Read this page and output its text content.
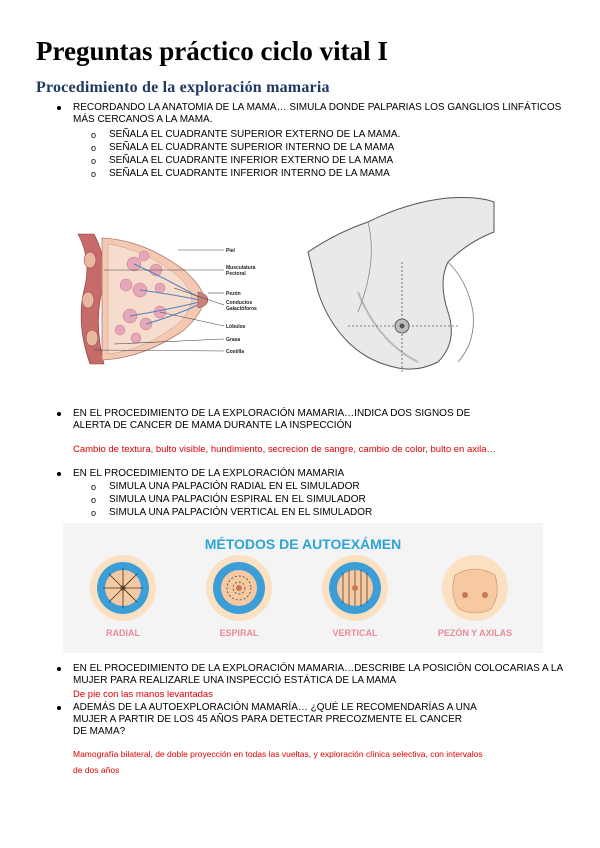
Preguntas práctico ciclo vital I
Procedimiento de la exploración mamaria
RECORDANDO LA ANATOMIA DE LA MAMA… SIMULA DONDE PALPARIAS LOS GANGLIOS LINFÁTICOS
MÁS CERCANOS A LA MAMA.
o SEÑALA EL CUADRANTE SUPERIOR EXTERNO DE LA MAMA.
o SEÑALA EL CUADRANTE SUPERIOR INTERNO DE LA MAMA
o SEÑALA EL CUADRANTE INFERIOR EXTERNO DE LA MAMA
o SEÑALA EL CUADRANTE INFERIOR INTERNO DE LA MAMA
Piel
Musculatura
Pectoral
Pezón
Conductos
Galactóforos
Lóbulos
Grasa
Costilla
EN EL PROCEDIMIENTO DE LA EXPLORACIÓN MAMARIA…INDICA DOS SIGNOS DE
ALERTA DE CANCER DE MAMA DURANTE LA INSPECCIÓN
Cambio de textura, bulto visible, hundimiento, secrecion de sangre, cambio de color, bulto en axila…
EN EL PROCEDIMIENTO DE LA EXPLORACIÓN MAMARIA
o SIMULA UNA PALPACIÓN RADIAL EN EL SIMULADOR
o SIMULA UNA PALPACIÓN ESPIRAL EN EL SIMULADOR
o SIMULA UNA PALPACIÓN VERTICAL EN EL SIMULADOR
MÉTODOS DE AUTOEXÁMEN
RADIAL	ESPIRAL	VERTICAL	PEZÓN Y AXILAS
EN EL PROCEDIMIENTO DE LA EXPLORACIÓN MAMARIA…DESCRIBE LA POSICIÓN COLOCARIAS A LA
MUJER PARA REALIZARLE UNA INSPECCIÓ ESTÁTICA DE LA MAMA
De pie con las manos levantadas
ADEMÁS DE LA AUTOEXPLORACIÓN MAMARÍA… ¿QUÉ LE RECOMENDARÍAS A UNA
MUJER A PARTIR DE LOS 45 AÑOS PARA DETECTAR PRECOZMENTE EL CANCER
DE MAMA?
Mamografía bilateral, de doble proyección en todas las vueltas, y exploración clínica selectiva, con intervalos
de dos años
